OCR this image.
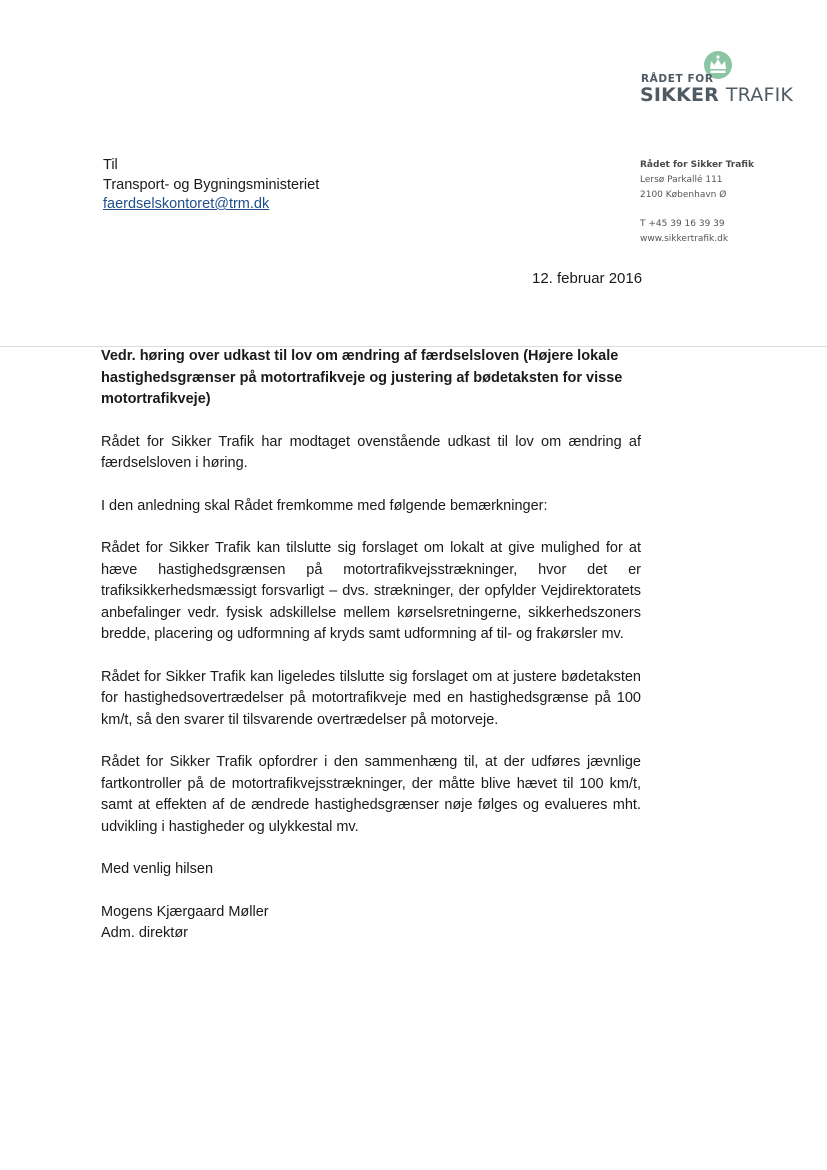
RÅDET FOR
SIKKER TRAFIK
Til
Transport- og Bygningsministeriet
faerdselskontoret@trm.dk
Rådet for Sikker Trafik
Lersø Parkallé 111
2100 København Ø
T +45 39 16 39 39
www.sikkertrafik.dk
12. februar 2016

Vedr. høring over udkast til lov om ændring af færdselsloven (Højere lokale hastighedsgrænser på motortrafikveje og justering af bødetaksten for visse motortrafikveje)

Rådet for Sikker Trafik har modtaget ovenstående udkast til lov om ændring af færdselsloven i høring.

I den anledning skal Rådet fremkomme med følgende bemærkninger:

Rådet for Sikker Trafik kan tilslutte sig forslaget om lokalt at give mulighed for at hæve hastighedsgrænsen på motortrafikvejsstrækninger, hvor det er trafiksikkerhedsmæssigt forsvarligt – dvs. strækninger, der opfylder Vejdirektoratets anbefalinger vedr. fysisk adskillelse mellem kørselsretningerne, sikkerhedszoners bredde, placering og udformning af kryds samt udformning af til- og frakørsler mv.

Rådet for Sikker Trafik kan ligeledes tilslutte sig forslaget om at justere bødetaksten for hastighedsovertrædelser på motortrafikveje med en hastighedsgrænse på 100 km/t, så den svarer til tilsvarende overtrædelser på motorveje.

Rådet for Sikker Trafik opfordrer i den sammenhæng til, at der udføres jævnlige fartkontroller på de motortrafikvejsstrækninger, der måtte blive hævet til 100 km/t, samt at effekten af de ændrede hastighedsgrænser nøje følges og evalueres mht. udvikling i hastigheder og ulykkestal mv.

Med venlig hilsen

Mogens Kjærgaard Møller
Adm. direktør
